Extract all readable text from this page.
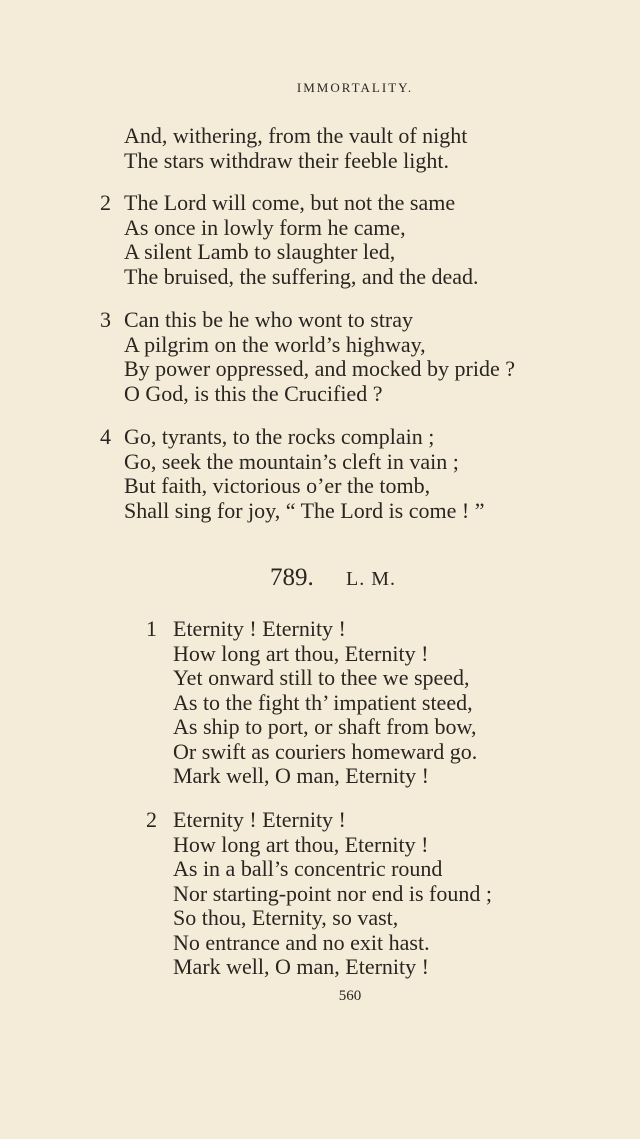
IMMORTALITY.
And, withering, from the vault of night
The stars withdraw their feeble light.
2 The Lord will come, but not the same
As once in lowly form he came,
A silent Lamb to slaughter led,
The bruised, the suffering, and the dead.
3 Can this be he who wont to stray
A pilgrim on the world’s highway,
By power oppressed, and mocked by pride ?
O God, is this the Crucified ?
4 Go, tyrants, to the rocks complain ;
Go, seek the mountain’s cleft in vain ;
But faith, victorious o’er the tomb,
Shall sing for joy, “ The Lord is come ! ”
789. L. M.
1 Eternity ! Eternity !
How long art thou, Eternity !
Yet onward still to thee we speed,
As to the fight th’ impatient steed,
As ship to port, or shaft from bow,
Or swift as couriers homeward go.
Mark well, O man, Eternity !
2 Eternity ! Eternity !
How long art thou, Eternity !
As in a ball’s concentric round
Nor starting-point nor end is found ;
So thou, Eternity, so vast,
No entrance and no exit hast.
Mark well, O man, Eternity !
560
